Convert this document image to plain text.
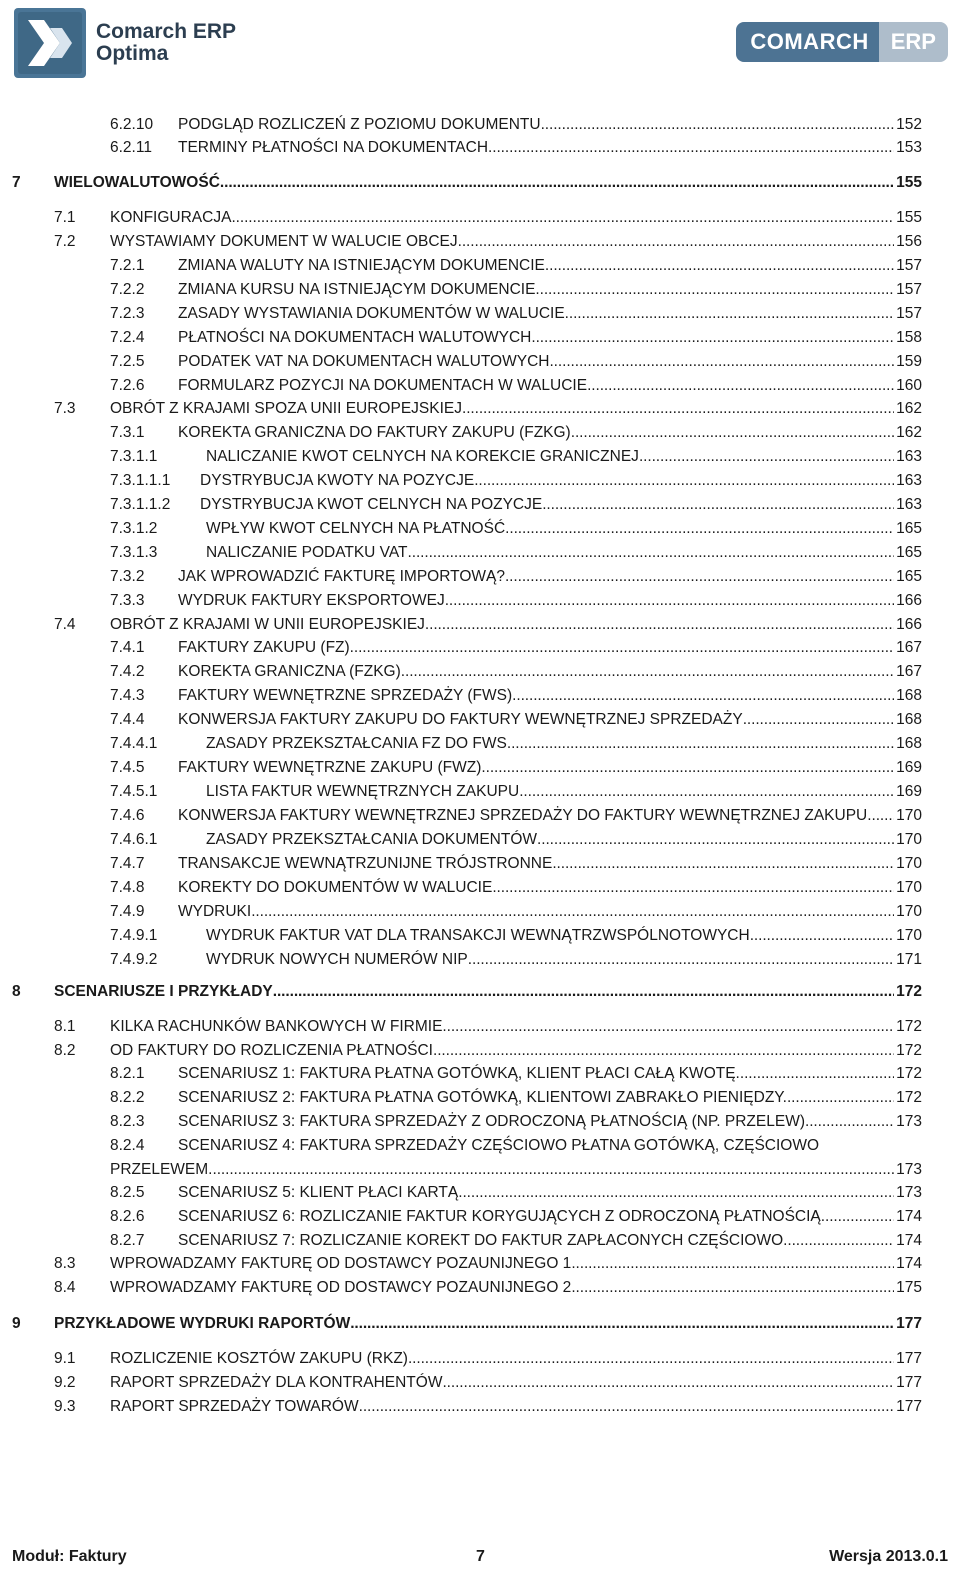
Comarch ERP
Optima	COMARCH	ERP
6.2.10	PODGLĄD ROZLICZEŃ Z POZIOMU DOKUMENTU . . .	152
6.2.11	TERMINY PŁATNOŚCI NA DOKUMENTACH . . .	153
7	WIELOWALUTOWOŚĆ . . .	155
7.1	KONFIGURACJA . . .	155
7.2	WYSTAWIAMY DOKUMENT W WALUCIE OBCEJ . . .	156
7.2.1	ZMIANA WALUTY NA ISTNIEJĄCYM DOKUMENCIE . . .	157
7.2.2	ZMIANA KURSU NA ISTNIEJĄCYM DOKUMENCIE . . .	157
7.2.3	ZASADY WYSTAWIANIA DOKUMENTÓW W WALUCIE . . .	157
7.2.4	PŁATNOŚCI NA DOKUMENTACH WALUTOWYCH . . .	158
7.2.5	PODATEK VAT NA DOKUMENTACH WALUTOWYCH . . .	159
7.2.6	FORMULARZ POZYCJI NA DOKUMENTACH W WALUCIE . . .	160
7.3	OBRÓT Z KRAJAMI SPOZA UNII EUROPEJSKIEJ . . .	162
7.3.1	KOREKTA GRANICZNA DO FAKTURY ZAKUPU (FZKG) . . .	162
7.3.1.1	NALICZANIE KWOT CELNYCH NA KOREKCIE GRANICZNEJ . . .	163
7.3.1.1.1	DYSTRYBUCJA KWOTY NA POZYCJE . . .	163
7.3.1.1.2	DYSTRYBUCJA KWOT CELNYCH NA POZYCJE . . .	163
7.3.1.2	WPŁYW KWOT CELNYCH NA PŁATNOŚĆ . . .	165
7.3.1.3	NALICZANIE PODATKU VAT . . .	165
7.3.2	JAK WPROWADZIĆ FAKTURĘ IMPORTOWĄ? . . .	165
7.3.3	WYDRUK FAKTURY EKSPORTOWEJ . . .	166
7.4	OBRÓT Z KRAJAMI W UNII EUROPEJSKIEJ . . .	166
7.4.1	FAKTURY ZAKUPU (FZ) . . .	167
7.4.2	KOREKTA GRANICZNA (FZKG) . . .	167
7.4.3	FAKTURY WEWNĘTRZNE SPRZEDAŻY (FWS) . . .	168
7.4.4	KONWERSJA FAKTURY ZAKUPU DO FAKTURY WEWNĘTRZNEJ SPRZEDAŻY . . .	168
7.4.4.1	ZASADY PRZEKSZTAŁCANIA FZ DO FWS . . .	168
7.4.5	FAKTURY WEWNĘTRZNE ZAKUPU (FWZ) . . .	169
7.4.5.1	LISTA FAKTUR WEWNĘTRZNYCH ZAKUPU . . .	169
7.4.6	KONWERSJA FAKTURY WEWNĘTRZNEJ SPRZEDAŻY DO FAKTURY WEWNĘTRZNEJ ZAKUPU . . . 170
7.4.6.1	ZASADY PRZEKSZTAŁCANIA DOKUMENTÓW . . .	170
7.4.7	TRANSAKCJE WEWNĄTRZUNIJNE TRÓJSTRONNE . . .	170
7.4.8	KOREKTY DO DOKUMENTÓW W WALUCIE . . .	170
7.4.9	WYDRUKI . . .	170
7.4.9.1	WYDRUK FAKTUR VAT DLA TRANSAKCJI WEWNĄTRZWSPÓLNOTOWYCH . . .	170
7.4.9.2	WYDRUK NOWYCH NUMERÓW NIP . . .	171
8	SCENARIUSZE I PRZYKŁADY . . .	172
8.1	KILKA RACHUNKÓW BANKOWYCH W FIRMIE . . .	172
8.2	OD FAKTURY DO ROZLICZENIA PŁATNOŚCI . . .	172
8.2.1	SCENARIUSZ 1: FAKTURA PŁATNA GOTÓWKĄ, KLIENT PŁACI CAŁĄ KWOTĘ. . . .	172
8.2.2	SCENARIUSZ 2: FAKTURA PŁATNA GOTÓWKĄ, KLIENTOWI ZABRAKŁO PIENIĘDZY. . . .	172
8.2.3	SCENARIUSZ 3: FAKTURA SPRZEDAŻY Z ODROCZONĄ PŁATNOŚCIĄ (NP. PRZELEW) . . .	173
8.2.4	SCENARIUSZ 4: FAKTURA SPRZEDAŻY CZĘŚCIOWO PŁATNA GOTÓWKĄ, CZĘŚCIOWO
PRZELEWEM. . . .	173
8.2.5	SCENARIUSZ 5: KLIENT PŁACI KARTĄ . . .	173
8.2.6	SCENARIUSZ 6: ROZLICZANIE FAKTUR KORYGUJĄCYCH Z ODROCZONĄ PŁATNOŚCIĄ . . .	174
8.2.7	SCENARIUSZ 7: ROZLICZANIE KOREKT DO FAKTUR ZAPŁACONYCH CZĘŚCIOWO . . .	174
8.3	WPROWADZAMY FAKTURĘ OD DOSTAWCY POZAUNIJNEGO 1 . . .	174
8.4	WPROWADZAMY FAKTURĘ OD DOSTAWCY POZAUNIJNEGO 2 . . .	175
9	PRZYKŁADOWE WYDRUKI RAPORTÓW . . .	177
9.1	ROZLICZENIE KOSZTÓW ZAKUPU (RKZ) . . .	177
9.2	RAPORT SPRZEDAŻY DLA KONTRAHENTÓW . . .	177
9.3	RAPORT SPRZEDAŻY TOWARÓW . . .	177
Moduł: Faktury	7	Wersja 2013.0.1
